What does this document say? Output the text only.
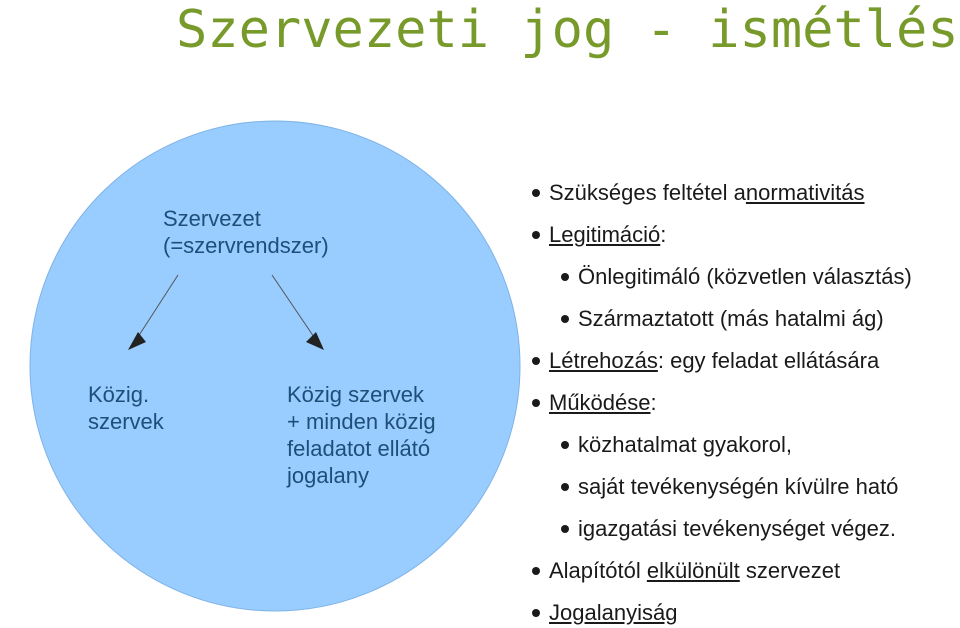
Szervezeti jog - ismétlés

Szervezet
(=szervrendszer)

Közig.
szervek

Közig szervek
+ minden közig
feladatot ellátó
jogalany

Szükséges feltétel a normativitás
Legitimáció :
Önlegitimáló (közvetlen választás)
Származtatott (más hatalmi ág)
Létrehozás : egy feladat ellátására
Működése :
közhatalmat gyakorol,
saját tevékenységén kívülre ható
igazgatási tevékenységet végez.
Alapítótól elkülönült szervezet
Jogalanyiság
